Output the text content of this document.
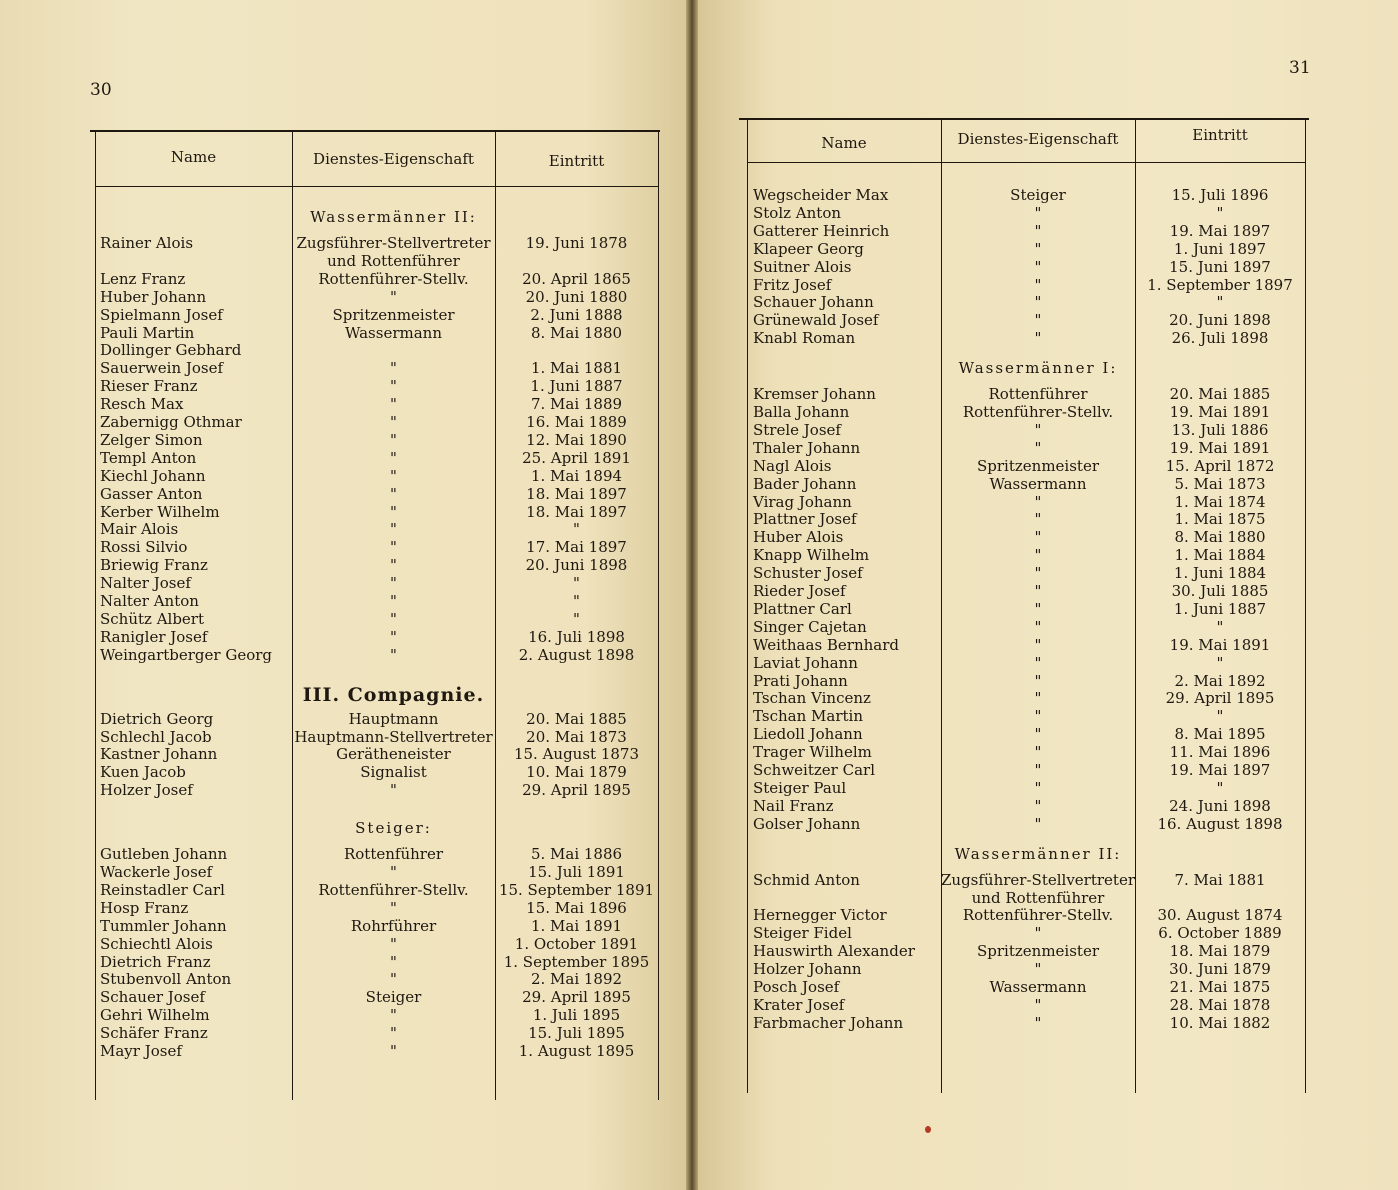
30
Name	Dienstes-Eigenschaft	Eintritt
Wassermänner II:
Rainer Alois	Zugsführer-Stellvertreter	19. Juni 1878
und Rottenführer
Lenz Franz	Rottenführer-Stellv.	20. April 1865
Huber Johann	"	20. Juni 1880
Spielmann Josef	Spritzenmeister	2. Juni 1888
Pauli Martin	Wassermann	8. Mai 1880
Dollinger Gebhard
Sauerwein Josef	"	1. Mai 1881
Rieser Franz	"	1. Juni 1887
Resch Max	"	7. Mai 1889
Zabernigg Othmar	"	16. Mai 1889
Zelger Simon	"	12. Mai 1890
Templ Anton	"	25. April 1891
Kiechl Johann	"	1. Mai 1894
Gasser Anton	"	18. Mai 1897
Kerber Wilhelm	"	18. Mai 1897
Mair Alois	"	"
Rossi Silvio	"	17. Mai 1897
Briewig Franz	"	20. Juni 1898
Nalter Josef	"	"
Nalter Anton	"	"
Schütz Albert	"	"
Ranigler Josef	"	16. Juli 1898
Weingartberger Georg	"	2. August 1898
III. Compagnie.
Dietrich Georg	Hauptmann	20. Mai 1885
Schlechl Jacob	Hauptmann-Stellvertreter	20. Mai 1873
Kastner Johann	Gerätheneister	15. August 1873
Kuen Jacob	Signalist	10. Mai 1879
Holzer Josef	"	29. April 1895
Steiger:
Gutleben Johann	Rottenführer	5. Mai 1886
Wackerle Josef	"	15. Juli 1891
Reinstadler Carl	Rottenführer-Stellv.	15. September 1891
Hosp Franz	"	15. Mai 1896
Tummler Johann	Rohrführer	1. Mai 1891
Schiechtl Alois	"	1. October 1891
Dietrich Franz	"	1. September 1895
Stubenvoll Anton	"	2. Mai 1892
Schauer Josef	Steiger	29. April 1895
Gehri Wilhelm	"	1. Juli 1895
Schäfer Franz	"	15. Juli 1895
Mayr Josef	"	1. August 1895
31
Name	Dienstes-Eigenschaft	Eintritt
Wegscheider Max	Steiger	15. Juli 1896
Stolz Anton	"	"
Gatterer Heinrich	"	19. Mai 1897
Klapeer Georg	"	1. Juni 1897
Suitner Alois	"	15. Juni 1897
Fritz Josef	"	1. September 1897
Schauer Johann	"	"
Grünewald Josef	"	20. Juni 1898
Knabl Roman	"	26. Juli 1898
Wassermänner I:
Kremser Johann	Rottenführer	20. Mai 1885
Balla Johann	Rottenführer-Stellv.	19. Mai 1891
Strele Josef	"	13. Juli 1886
Thaler Johann	"	19. Mai 1891
Nagl Alois	Spritzenmeister	15. April 1872
Bader Johann	Wassermann	5. Mai 1873
Virag Johann	"	1. Mai 1874
Plattner Josef	"	1. Mai 1875
Huber Alois	"	8. Mai 1880
Knapp Wilhelm	"	1. Mai 1884
Schuster Josef	"	1. Juni 1884
Rieder Josef	"	30. Juli 1885
Plattner Carl	"	1. Juni 1887
Singer Cajetan	"	"
Weithaas Bernhard	"	19. Mai 1891
Laviat Johann	"	"
Prati Johann	"	2. Mai 1892
Tschan Vincenz	"	29. April 1895
Tschan Martin	"	"
Liedoll Johann	"	8. Mai 1895
Trager Wilhelm	"	11. Mai 1896
Schweitzer Carl	"	19. Mai 1897
Steiger Paul	"	"
Nail Franz	"	24. Juni 1898
Golser Johann	"	16. August 1898
Wassermänner II:
Schmid Anton	Zugsführer-Stellvertreter	7. Mai 1881
und Rottenführer
Hernegger Victor	Rottenführer-Stellv.	30. August 1874
Steiger Fidel	"	6. October 1889
Hauswirth Alexander	Spritzenmeister	18. Mai 1879
Holzer Johann	"	30. Juni 1879
Posch Josef	Wassermann	21. Mai 1875
Krater Josef	"	28. Mai 1878
Farbmacher Johann	"	10. Mai 1882
